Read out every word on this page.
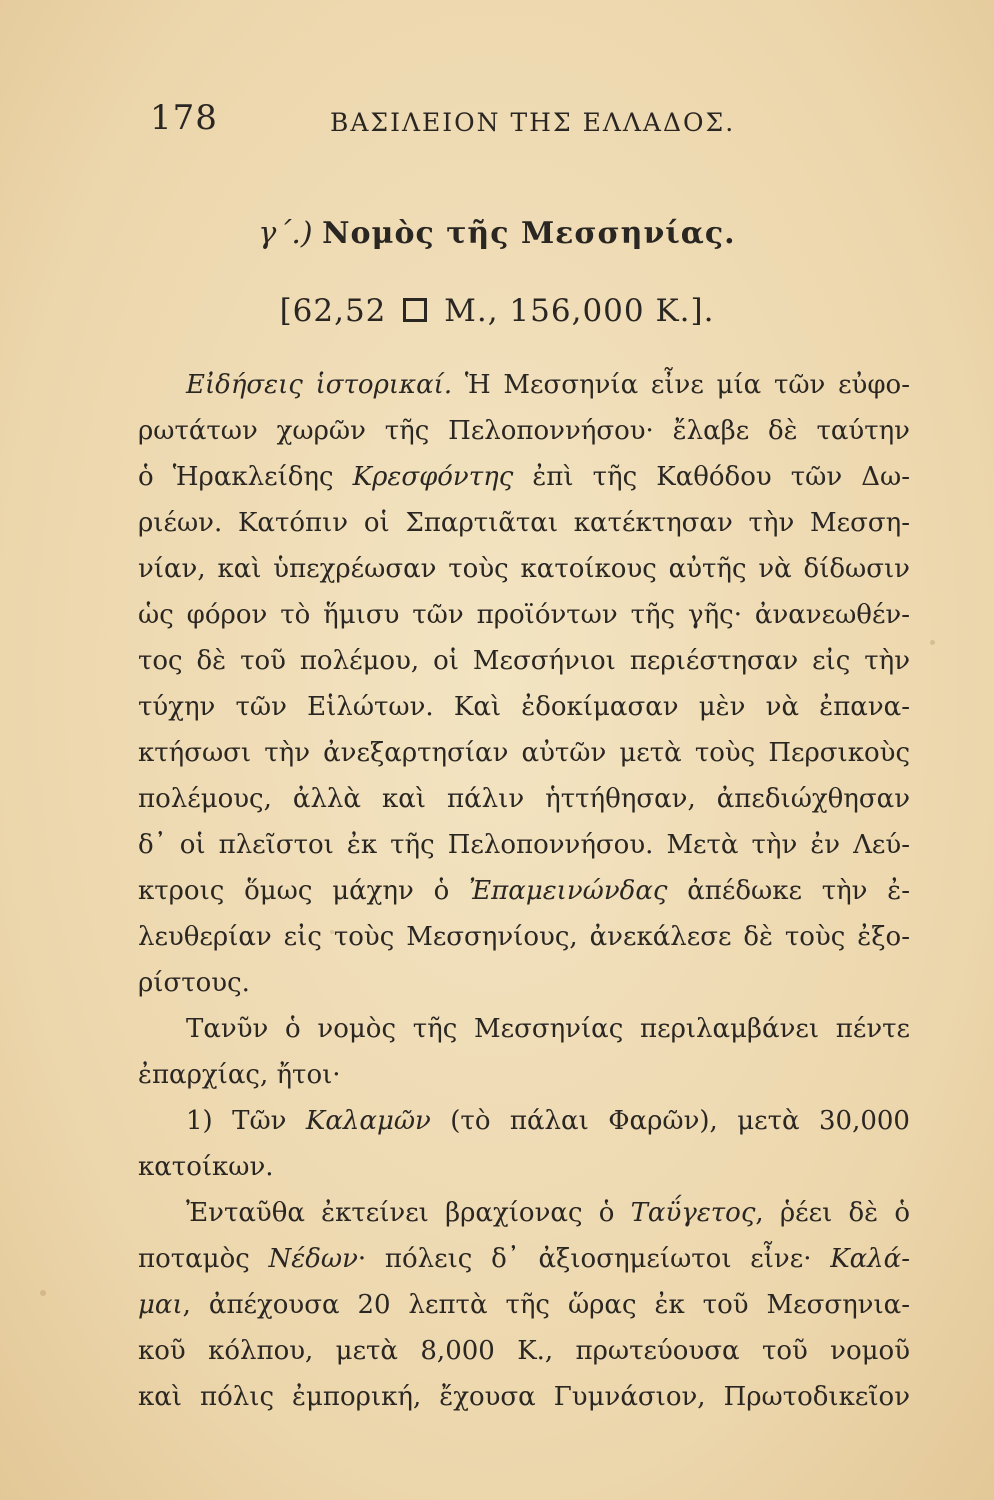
178	ΒΑΣΙΛΕΙΟΝ ΤΗΣ ΕΛΛΑΔΟΣ.
γ΄.) Νομὸς τῆς Μεσσηνίας.
[62,52 Μ., 156,000 Κ.].
Εἰδήσεις ἱστορικαί. Ἡ Μεσσηνία εἶνε μία τῶν εὐφο-
ρωτάτων χωρῶν τῆς Πελοποννήσου· ἔλαβε δὲ ταύτην
ὁ Ἡρακλείδης Κρεσφόντης ἐπὶ τῆς Καθόδου τῶν Δω-
ριέων. Κατόπιν οἱ Σπαρτιᾶται κατέκτησαν τὴν Μεσση-
νίαν, καὶ ὑπεχρέωσαν τοὺς κατοίκους αὐτῆς νὰ δίδωσιν
ὡς φόρον τὸ ἥμισυ τῶν προϊόντων τῆς γῆς· ἀνανεωθέν-
τος δὲ τοῦ πολέμου, οἱ Μεσσήνιοι περιέστησαν εἰς τὴν
τύχην τῶν Εἱλώτων. Καὶ ἐδοκίμασαν μὲν νὰ ἐπανα-
κτήσωσι τὴν ἀνεξαρτησίαν αὐτῶν μετὰ τοὺς Περσικοὺς
πολέμους, ἀλλὰ καὶ πάλιν ἡττήθησαν, ἀπεδιώχθησαν
δ᾽ οἱ πλεῖστοι ἐκ τῆς Πελοποννήσου. Μετὰ τὴν ἐν Λεύ-
κτροις ὅμως μάχην ὁ Ἐπαμεινώνδας ἀπέδωκε τὴν ἐ-
λευθερίαν εἰς τοὺς Μεσσηνίους, ἀνεκάλεσε δὲ τοὺς ἐξο-
ρίστους.
Τανῦν ὁ νομὸς τῆς Μεσσηνίας περιλαμβάνει πέντε
ἐπαρχίας, ἤτοι·
1) Τῶν Καλαμῶν (τὸ πάλαι Φαρῶν), μετὰ 30,000
κατοίκων.
Ἐνταῦθα ἐκτείνει βραχίονας ὁ Ταΰγετος, ῥέει δὲ ὁ
ποταμὸς Νέδων· πόλεις δ᾽ ἀξιοσημείωτοι εἶνε· Καλά-
μαι, ἀπέχουσα 20 λεπτὰ τῆς ὥρας ἐκ τοῦ Μεσσηνια-
κοῦ κόλπου, μετὰ 8,000 Κ., πρωτεύουσα τοῦ νομοῦ
καὶ πόλις ἐμπορική, ἔχουσα Γυμνάσιον, Πρωτοδικεῖον
